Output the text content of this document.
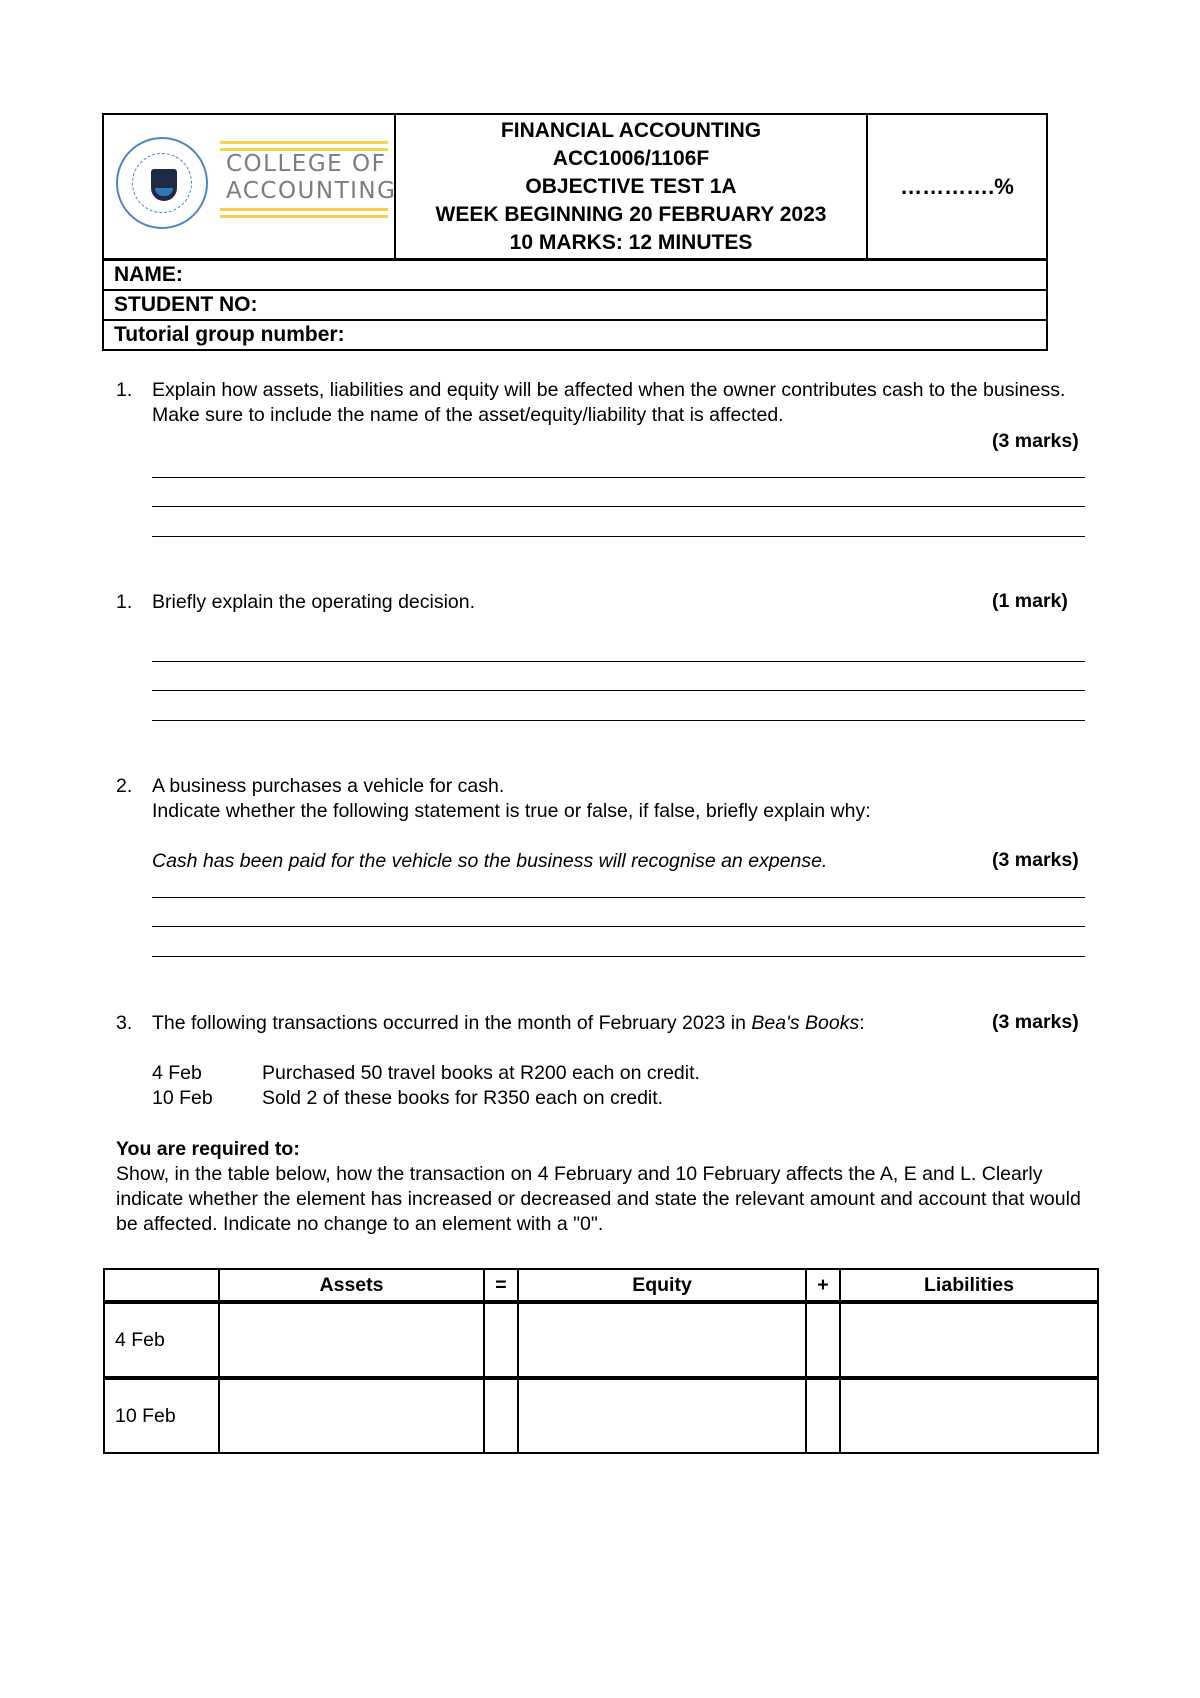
COLLEGE OF
ACCOUNTING
FINANCIAL ACCOUNTING
ACC1006/1106F
OBJECTIVE TEST 1A
WEEK BEGINNING 20 FEBRUARY 2023
10 MARKS: 12 MINUTES
………….%
NAME:
STUDENT NO:
Tutorial group number:
1. Explain how assets, liabilities and equity will be affected when the owner contributes cash to the business. Make sure to include the name of the asset/equity/liability that is affected.
(3 marks)
1. Briefly explain the operating decision.	(1 mark)
2. A business purchases a vehicle for cash.
Indicate whether the following statement is true or false, if false, briefly explain why:
Cash has been paid for the vehicle so the business will recognise an expense.	(3 marks)
3. The following transactions occurred in the month of February 2023 in Bea's Books:	(3 marks)
4 Feb	Purchased 50 travel books at R200 each on credit.
10 Feb	Sold 2 of these books for R350 each on credit.
You are required to:
Show, in the table below, how the transaction on 4 February and 10 February affects the A, E and L. Clearly indicate whether the element has increased or decreased and state the relevant amount and account that would be affected. Indicate no change to an element with a "0".
	Assets	=	Equity	+	Liabilities
4 Feb					
10 Feb					
